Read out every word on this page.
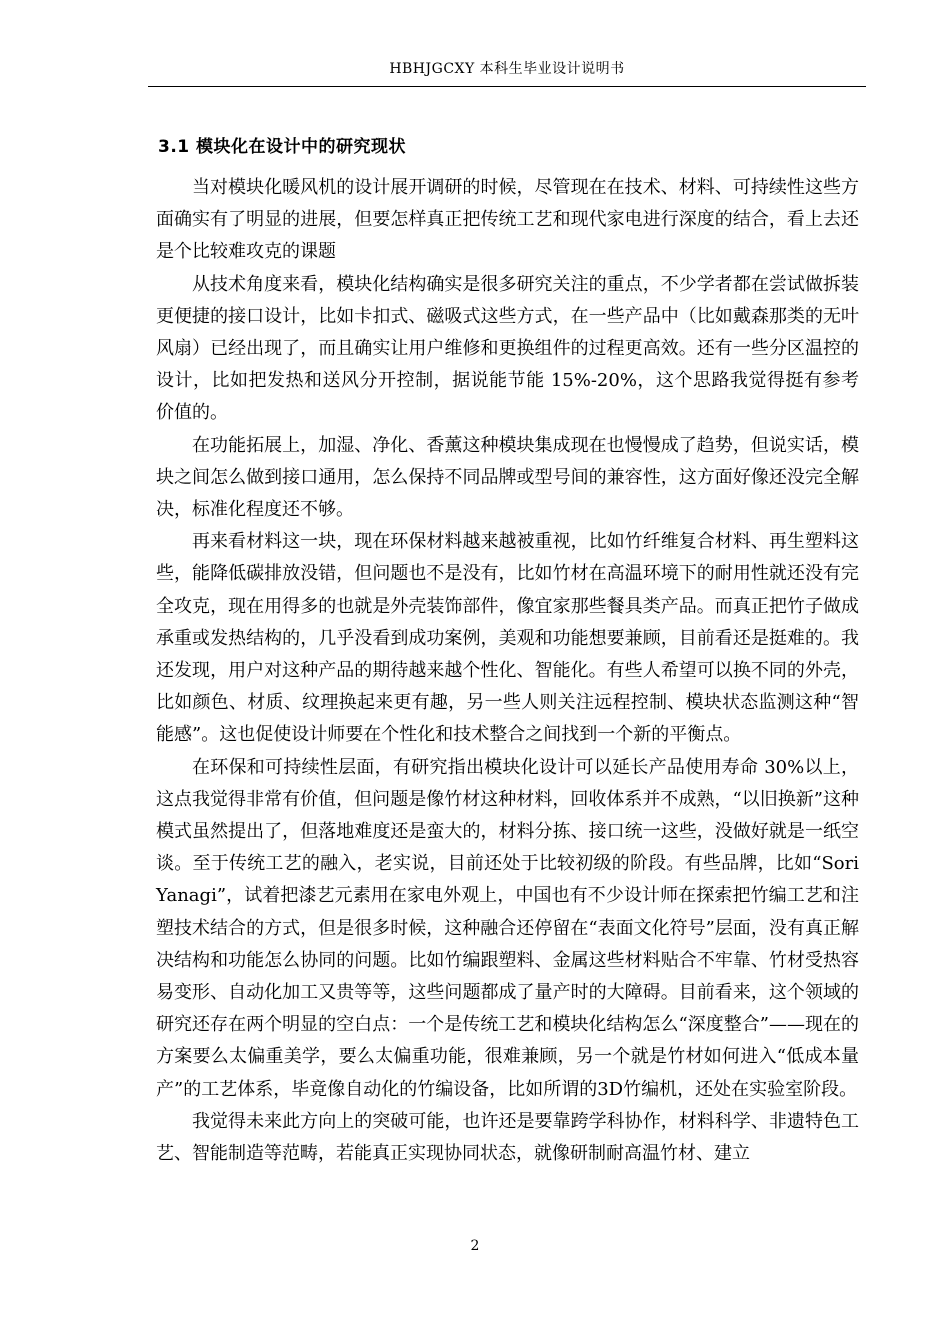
HBHJGCXY 本科生毕业设计说明书
3.1 模块化在设计中的研究现状

当对模块化暖风机的设计展开调研的时候，尽管现在在技术、材料、可持续性这些方面确实有了明显的进展，但要怎样真正把传统工艺和现代家电进行深度的结合，看上去还是个比较难攻克的课题

从技术角度来看，模块化结构确实是很多研究关注的重点，不少学者都在尝试做拆装更便捷的接口设计，比如卡扣式、磁吸式这些方式，在一些产品中（比如戴森那类的无叶风扇）已经出现了，而且确实让用户维修和更换组件的过程更高效。还有一些分区温控的设计，比如把发热和送风分开控制，据说能节能 15%-20%，这个思路我觉得挺有参考价值的。

在功能拓展上，加湿、净化、香薰这种模块集成现在也慢慢成了趋势，但说实话，模块之间怎么做到接口通用，怎么保持不同品牌或型号间的兼容性，这方面好像还没完全解决，标准化程度还不够。

再来看材料这一块，现在环保材料越来越被重视，比如竹纤维复合材料、再生塑料这些，能降低碳排放没错，但问题也不是没有，比如竹材在高温环境下的耐用性就还没有完全攻克，现在用得多的也就是外壳装饰部件，像宜家那些餐具类产品。而真正把竹子做成承重或发热结构的，几乎没看到成功案例，美观和功能想要兼顾，目前看还是挺难的。我还发现，用户对这种产品的期待越来越个性化、智能化。有些人希望可以换不同的外壳，比如颜色、材质、纹理换起来更有趣，另一些人则关注远程控制、模块状态监测这种“智能感”。这也促使设计师要在个性化和技术整合之间找到一个新的平衡点。

在环保和可持续性层面，有研究指出模块化设计可以延长产品使用寿命 30%以上，这点我觉得非常有价值，但问题是像竹材这种材料，回收体系并不成熟，“以旧换新”这种模式虽然提出了，但落地难度还是蛮大的，材料分拣、接口统一这些，没做好就是一纸空谈。至于传统工艺的融入，老实说，目前还处于比较初级的阶段。有些品牌，比如“Sori Yanagi”，试着把漆艺元素用在家电外观上，中国也有不少设计师在探索把竹编工艺和注塑技术结合的方式，但是很多时候，这种融合还停留在“表面文化符号”层面，没有真正解决结构和功能怎么协同的问题。比如竹编跟塑料、金属这些材料贴合不牢靠、竹材受热容易变形、自动化加工又贵等等，这些问题都成了量产时的大障碍。目前看来，这个领域的研究还存在两个明显的空白点：一个是传统工艺和模块化结构怎么“深度整合”——现在的方案要么太偏重美学，要么太偏重功能，很难兼顾，另一个就是竹材如何进入“低成本量产”的工艺体系，毕竟像自动化的竹编设备，比如所谓的3D竹编机，还处在实验室阶段。

我觉得未来此方向上的突破可能，也许还是要靠跨学科协作，材料科学、非遗特色工艺、智能制造等范畴，若能真正实现协同状态，就像研制耐高温竹材、建立

2
